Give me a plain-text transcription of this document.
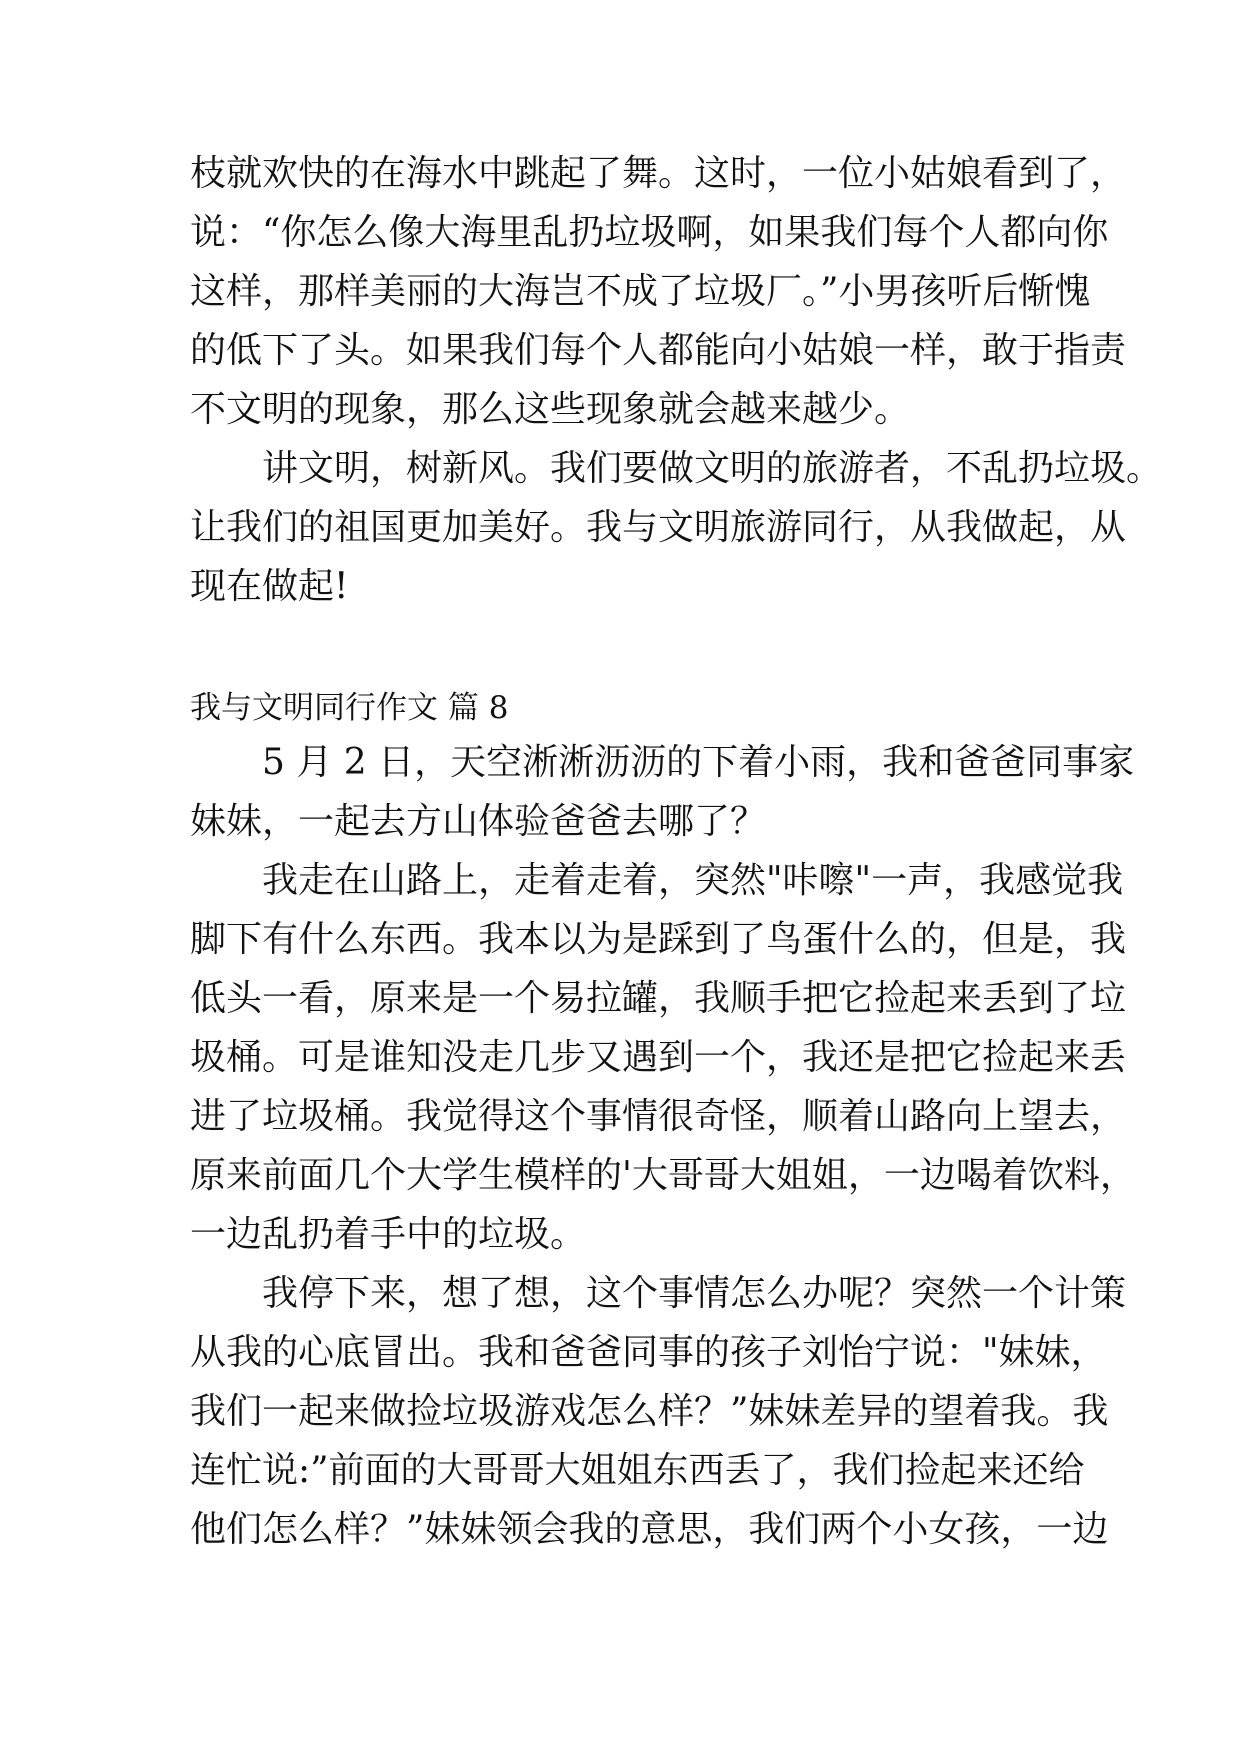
枝就欢快的在海水中跳起了舞。这时，一位小姑娘看到了，
说：“你怎么像大海里乱扔垃圾啊，如果我们每个人都向你
这样，那样美丽的大海岂不成了垃圾厂。”小男孩听后惭愧
的低下了头。如果我们每个人都能向小姑娘一样，敢于指责
不文明的现象，那么这些现象就会越来越少。
讲文明，树新风。我们要做文明的旅游者，不乱扔垃圾。
让我们的祖国更加美好。我与文明旅游同行，从我做起，从
现在做起!
我与文明同行作文 篇 8
5 月 2 日，天空淅淅沥沥的下着小雨，我和爸爸同事家
妹妹，一起去方山体验爸爸去哪了？
我走在山路上，走着走着，突然"咔嚓"一声，我感觉我
脚下有什么东西。我本以为是踩到了鸟蛋什么的，但是，我
低头一看，原来是一个易拉罐，我顺手把它捡起来丢到了垃
圾桶。可是谁知没走几步又遇到一个，我还是把它捡起来丢
进了垃圾桶。我觉得这个事情很奇怪，顺着山路向上望去，
原来前面几个大学生模样的'大哥哥大姐姐，一边喝着饮料，
一边乱扔着手中的垃圾。
我停下来，想了想，这个事情怎么办呢？突然一个计策
从我的心底冒出。我和爸爸同事的孩子刘怡宁说："妹妹，
我们一起来做捡垃圾游戏怎么样？”妹妹差异的望着我。我
连忙说:”前面的大哥哥大姐姐东西丢了，我们捡起来还给
他们怎么样？”妹妹领会我的意思，我们两个小女孩，一边
